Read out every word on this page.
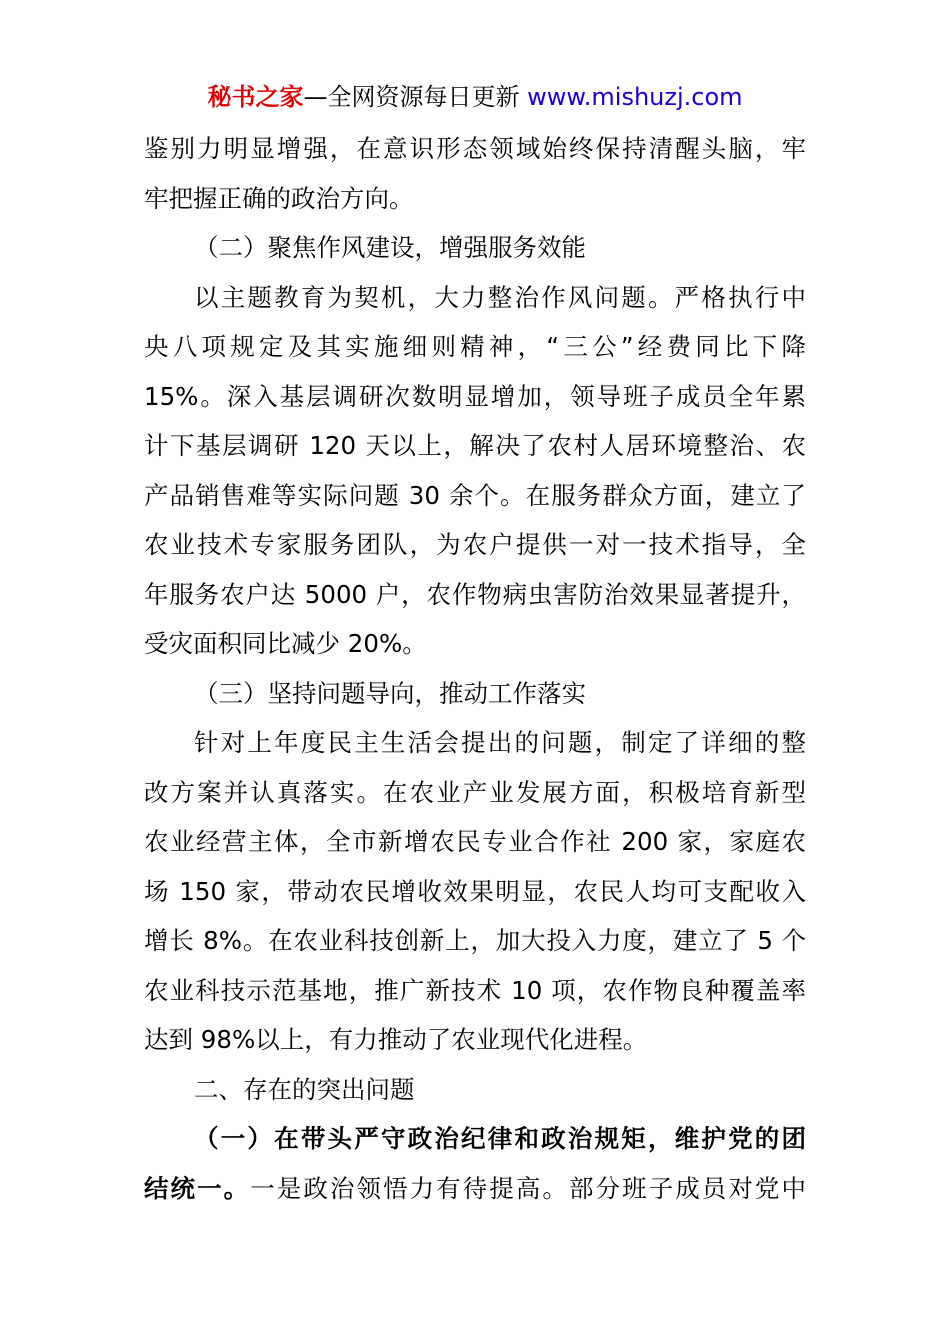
秘书之家—全网资源每日更新 www.mishuzj.com
鉴别力明显增强，在意识形态领域始终保持清醒头脑，牢
牢把握正确的政治方向。
（二）聚焦作风建设，增强服务效能
以主题教育为契机，大力整治作风问题。严格执行中
央八项规定及其实施细则精神，“三公”经费同比下降
15%。深入基层调研次数明显增加，领导班子成员全年累
计下基层调研 120 天以上，解决了农村人居环境整治、农
产品销售难等实际问题 30 余个。在服务群众方面，建立了
农业技术专家服务团队，为农户提供一对一技术指导，全
年服务农户达 5000 户，农作物病虫害防治效果显著提升，
受灾面积同比减少 20%。
（三）坚持问题导向，推动工作落实
针对上年度民主生活会提出的问题，制定了详细的整
改方案并认真落实。在农业产业发展方面，积极培育新型
农业经营主体，全市新增农民专业合作社 200 家，家庭农
场 150 家，带动农民增收效果明显，农民人均可支配收入
增长 8%。在农业科技创新上，加大投入力度，建立了 5 个
农业科技示范基地，推广新技术 10 项，农作物良种覆盖率
达到 98%以上，有力推动了农业现代化进程。
二、存在的突出问题
（一）在带头严守政治纪律和政治规矩，维护党的团
结统一。一是政治领悟力有待提高。部分班子成员对党中
